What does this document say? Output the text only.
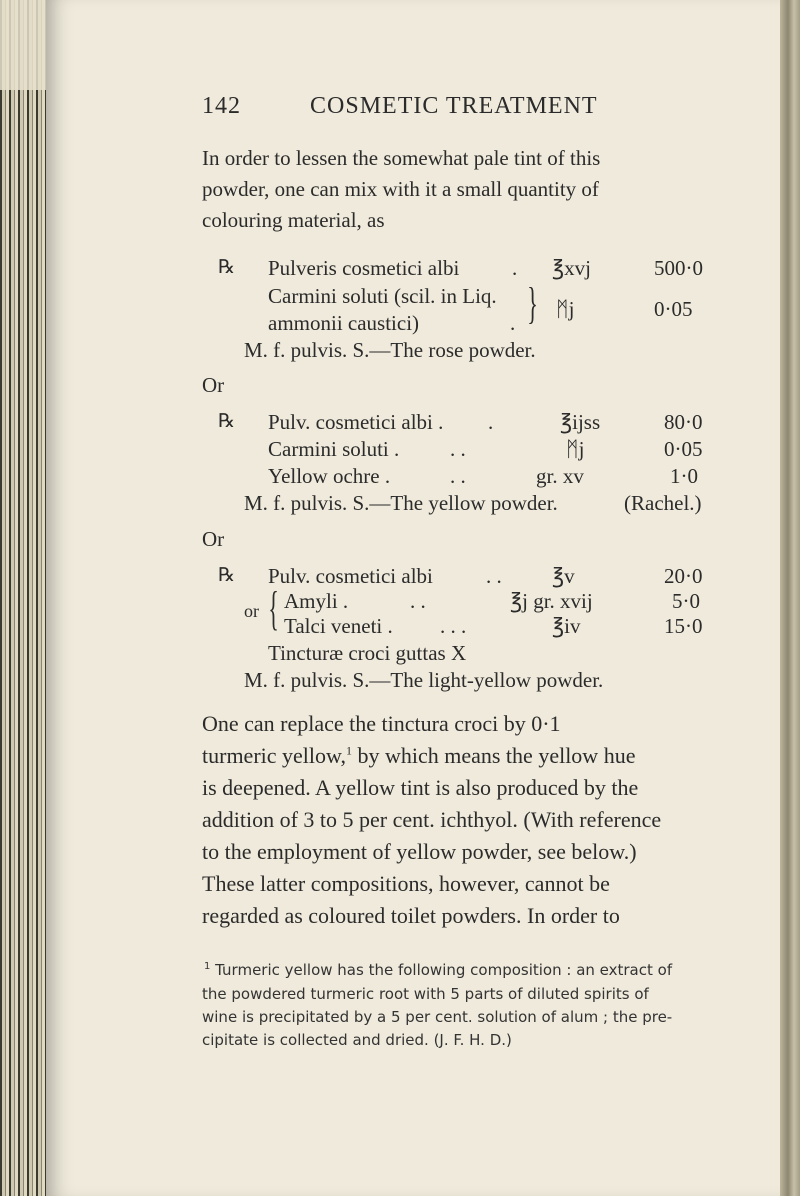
142	COSMETIC TREATMENT
In order to lessen the somewhat pale tint of this
powder, one can mix with it a small quantity of
colouring material, as
℞ Pulveris cosmetici albi	. ℥xvj	500·0
Carmini soluti (scil. in Liq.
ammonii caustici)	. } ᛗj	0·05
M. f. pulvis. S.—The rose powder.
Or
℞ Pulv. cosmetici albi . .	℥ijss	80·0
Carmini soluti . . .	ᛗj	0·05
Yellow ochre .	. .	gr. xv	1·0
M. f. pulvis. S.—The yellow powder.	(Rachel.)
Or
℞ Pulv. cosmetici albi	. . ℥v	20·0
or { Amyli .	. .	℥j gr. xvij	5·0
Talci veneti . . . .	℥iv	15·0
Tincturæ croci guttas X
M. f. pulvis. S.—The light-yellow powder.
One can replace the tinctura croci by 0·1
turmeric yellow,$^1$ by which means the yellow hue
is deepened. A yellow tint is also produced by the
addition of 3 to 5 per cent. ichthyol. (With reference
to the employment of yellow powder, see below.)
These latter compositions, however, cannot be
regarded as coloured toilet powders. In order to
$^1$ Turmeric yellow has the following composition : an extract of
the powdered turmeric root with 5 parts of diluted spirits of
wine is precipitated by a 5 per cent. solution of alum ; the pre-
cipitate is collected and dried. (J. F. H. D.)
